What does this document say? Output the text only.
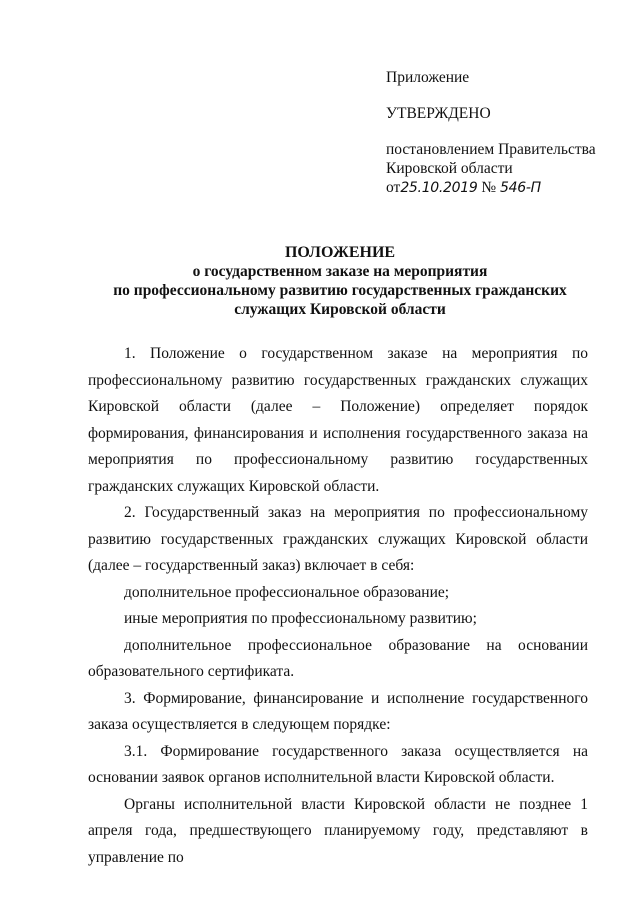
Приложение
УТВЕРЖДЕНО
постановлением Правительства
Кировской области
от25.10.2019 № 546-П
ПОЛОЖЕНИЕ
о государственном заказе на мероприятия
по профессиональному развитию государственных гражданских
служащих Кировской области

1. Положение о государственном заказе на мероприятия по профессиональному развитию государственных гражданских служащих Кировской области (далее – Положение) определяет порядок формирования, финансирования и исполнения государственного заказа на мероприятия по профессиональному развитию государственных гражданских служащих Кировской области.

2. Государственный заказ на мероприятия по профессиональному развитию государственных гражданских служащих Кировской области (далее – государственный заказ) включает в себя:

дополнительное профессиональное образование;

иные мероприятия по профессиональному развитию;

дополнительное профессиональное образование на основании образовательного сертификата.

3. Формирование, финансирование и исполнение государственного заказа осуществляется в следующем порядке:

3.1. Формирование государственного заказа осуществляется на основании заявок органов исполнительной власти Кировской области.

Органы исполнительной власти Кировской области не позднее 1 апреля года, предшествующего планируемому году, представляют в управление по
